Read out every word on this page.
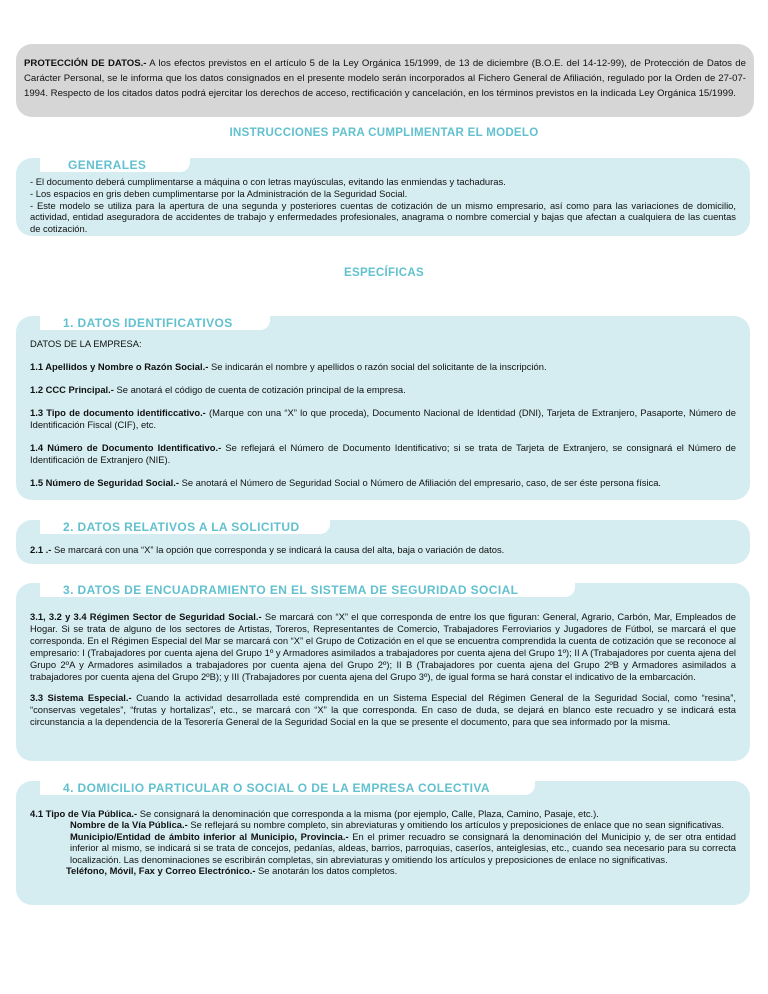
PROTECCIÓN DE DATOS.- A los efectos previstos en el artículo 5 de la Ley Orgánica 15/1999, de 13 de diciembre (B.O.E. del 14-12-99), de Protección de Datos de Carácter Personal, se le informa que los datos consignados en el presente modelo serán incorporados al Fichero General de Afiliación, regulado por la Orden de 27-07-1994. Respecto de los citados datos podrá ejercitar los derechos de acceso, rectificación y cancelación, en los términos previstos en la indicada Ley Orgánica 15/1999.
INSTRUCCIONES PARA CUMPLIMENTAR EL MODELO
GENERALES

- El documento deberá cumplimentarse a máquina o con letras mayúsculas, evitando las enmiendas y tachaduras.

- Los espacios en gris deben cumplimentarse por la Administración de la Seguridad Social.

- Este modelo se utiliza para la apertura de una segunda y posteriores cuentas de cotización de un mismo empresario, así como para las variaciones de domicilio, actividad, entidad aseguradora de accidentes de trabajo y enfermedades profesionales, anagrama o nombre comercial y bajas que afectan a cualquiera de las cuentas de cotización.

ESPECÍFICAS
1. DATOS IDENTIFICATIVOS

DATOS DE LA EMPRESA:

1.1 Apellidos y Nombre o Razón Social.- Se indicarán el nombre y apellidos o razón social del solicitante de la inscripción.

1.2 CCC Principal.- Se anotará el código de cuenta de cotización principal de la empresa.

1.3 Tipo de documento identificcativo.- (Marque con una “X” lo que proceda), Documento Nacional de Identidad (DNI), Tarjeta de Extranjero, Pasaporte, Número de Identificación Fiscal (CIF), etc.

1.4 Número de Documento Identificativo.- Se reflejará el Número de Documento Identificativo; si se trata de Tarjeta de Extranjero, se consignará el Número de Identificación de Extranjero (NIE).

1.5 Número de Seguridad Social.- Se anotará el Número de Seguridad Social o Número de Afiliación del empresario, caso, de ser éste persona física.

2. DATOS RELATIVOS A LA SOLICITUD

2.1 .- Se marcará con una “X” la opción que corresponda y se indicará la causa del alta, baja o variación de datos.

3. DATOS DE ENCUADRAMIENTO EN EL SISTEMA DE SEGURIDAD SOCIAL

3.1, 3.2 y 3.4 Régimen Sector de Seguridad Social.- Se marcará con “X” el que corresponda de entre los que figuran: General, Agrario, Carbón, Mar, Empleados de Hogar. Si se trata de alguno de los sectores de Artistas, Toreros, Representantes de Comercio, Trabajadores Ferroviarios y Jugadores de Fútbol, se marcará el que corresponda. En el Régimen Especial del Mar se marcará con “X” el Grupo de Cotización en el que se encuentra comprendida la cuenta de cotización que se reconoce al empresario: I (Trabajadores por cuenta ajena del Grupo 1º y Armadores asimilados a trabajadores por cuenta ajena del Grupo 1º); II A (Trabajadores por cuenta ajena del Grupo 2ºA y Armadores asimilados a trabajadores por cuenta ajena del Grupo 2º); II B (Trabajadores por cuenta ajena del Grupo 2ºB y Armadores asimilados a trabajadores por cuenta ajena del Grupo 2ºB); y III (Trabajadores por cuenta ajena del Grupo 3º), de igual forma se hará constar el indicativo de la embarcación.

3.3 Sistema Especial.- Cuando la actividad desarrollada esté comprendida en un Sistema Especial del Régimen General de la Seguridad Social, como “resina”, “conservas vegetales”, “frutas y hortalizas”, etc., se marcará con “X” la que corresponda. En caso de duda, se dejará en blanco este recuadro y se indicará esta circunstancia a la dependencia de la Tesorería General de la Seguridad Social en la que se presente el documento, para que sea informado por la misma.

4. DOMICILIO PARTICULAR O SOCIAL O DE LA EMPRESA COLECTIVA

4.1 Tipo de Vía Pública.- Se consignará la denominación que corresponda a la misma (por ejemplo, Calle, Plaza, Camino, Pasaje, etc.).

Nombre de la Vía Pública.- Se reflejará su nombre completo, sin abreviaturas y omitiendo los artículos y preposiciones de enlace que no sean significativas.

Municipio/Entidad de ámbito inferior al Municipio, Provincia.- En el primer recuadro se consignará la denominación del Municipio y, de ser otra entidad inferior al mismo, se indicará si se trata de concejos, pedanías, aldeas, barrios, parroquias, caseríos, anteiglesias, etc., cuando sea necesario para su correcta localización. Las denominaciones se escribirán completas, sin abreviaturas y omitiendo los artículos y preposiciones de enlace no significativas.

Teléfono, Móvil, Fax y Correo Electrónico.- Se anotarán los datos completos.
